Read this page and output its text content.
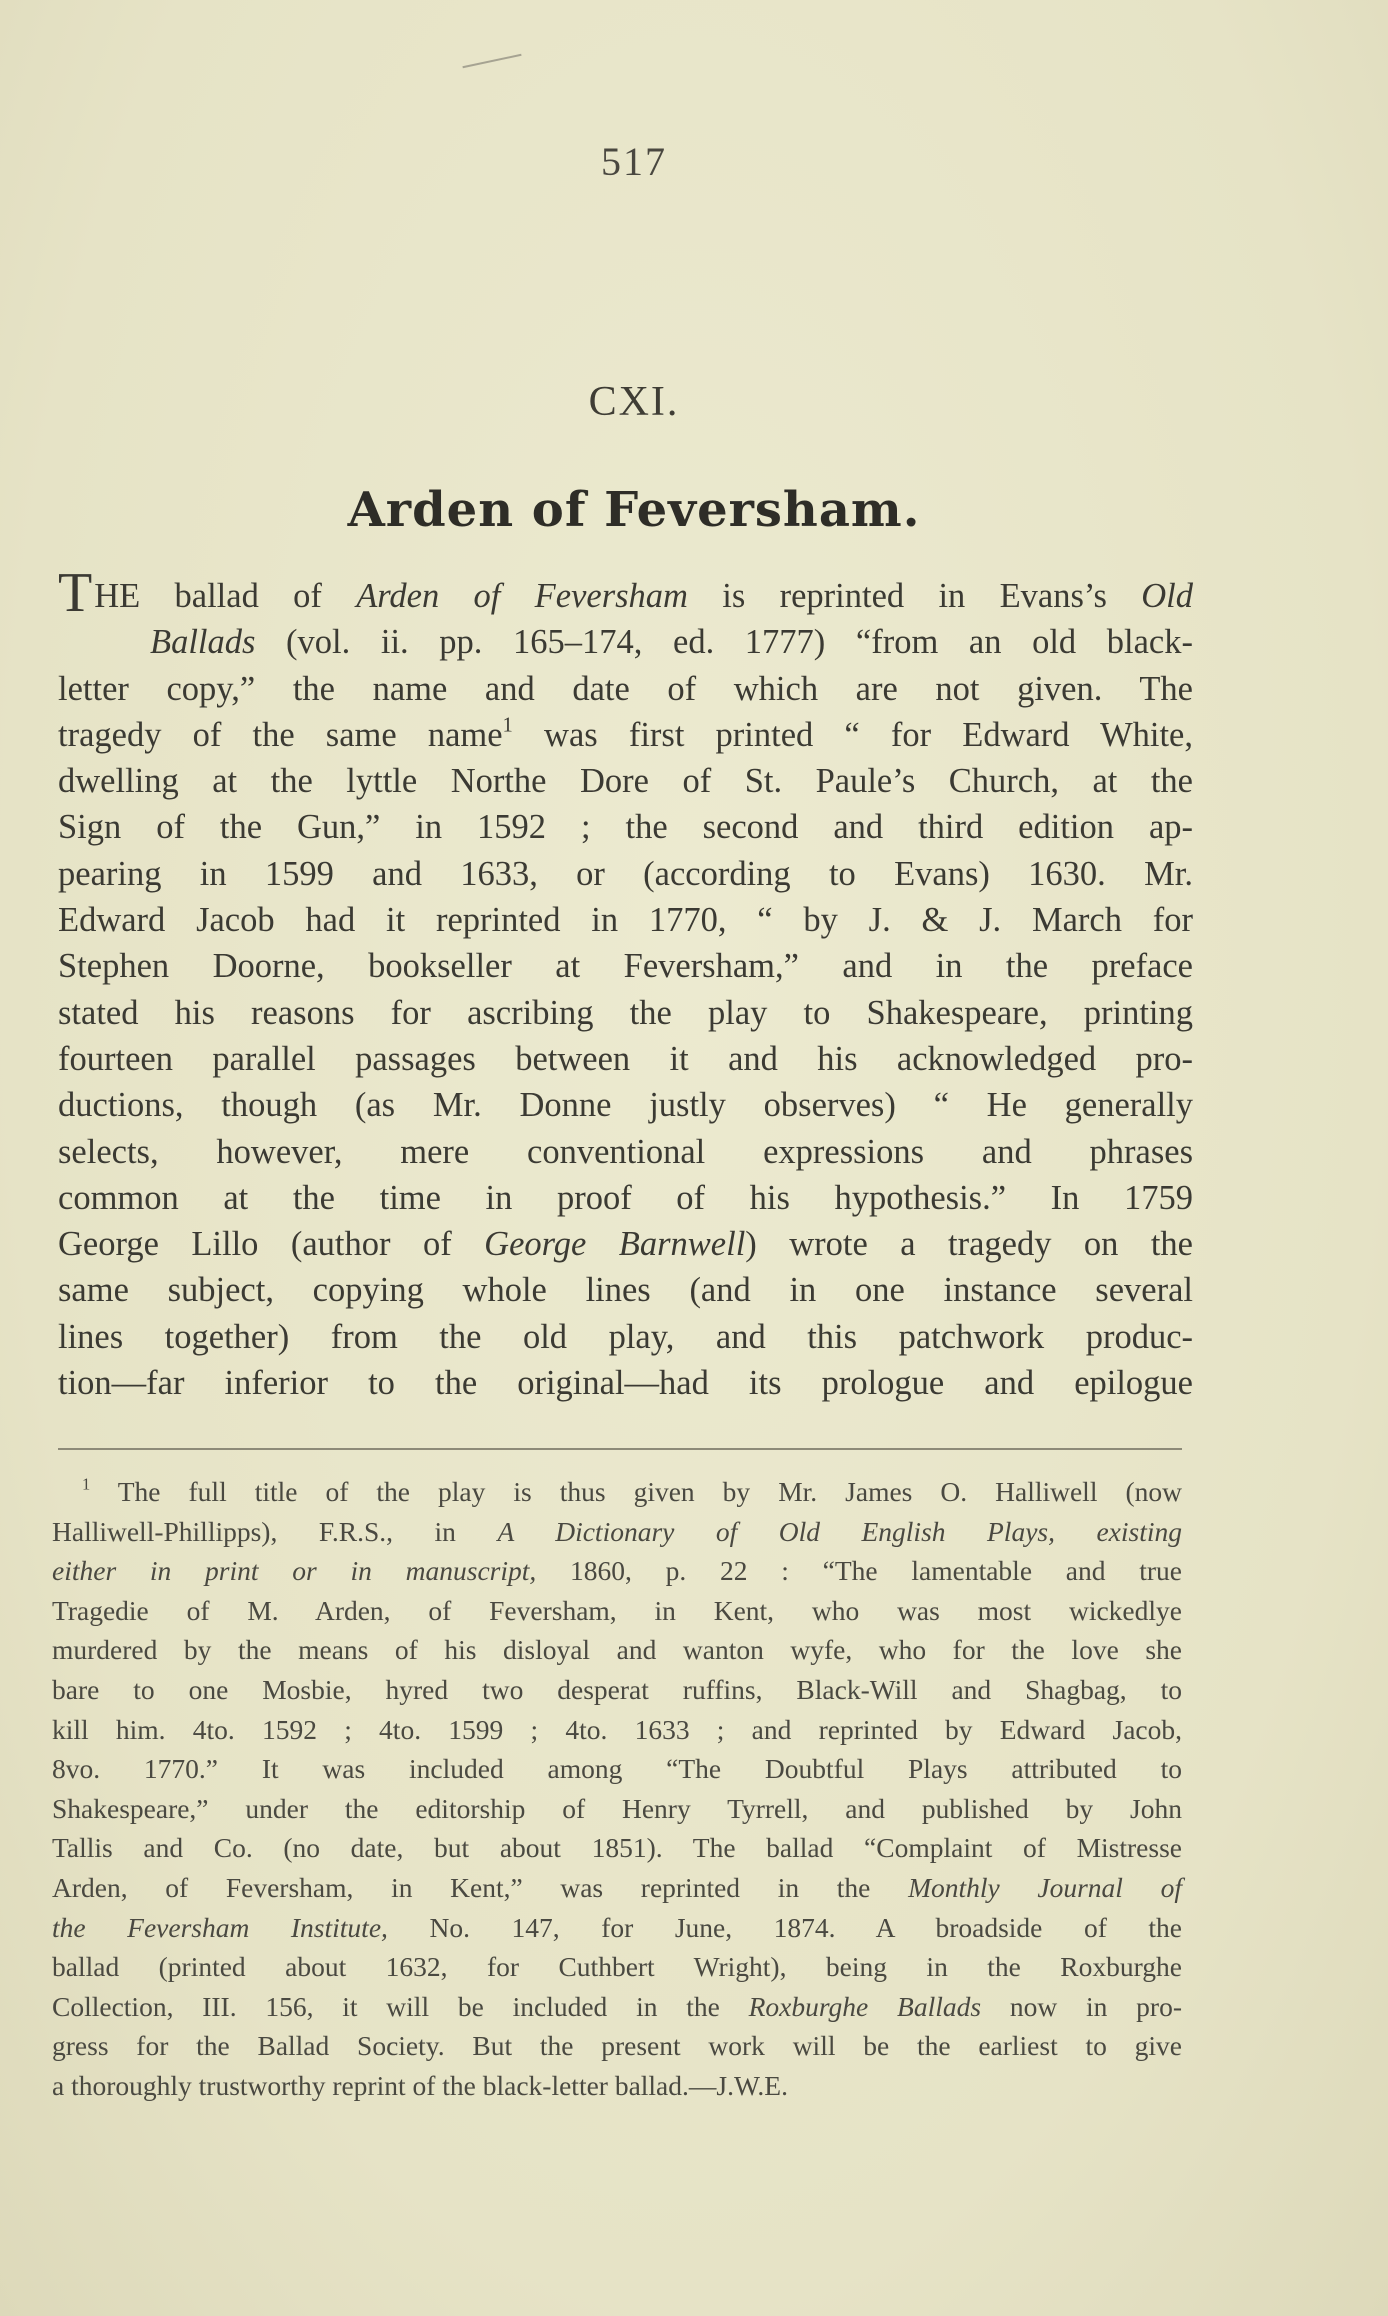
517
CXI.
Arden of Feversham.
THE ballad of Arden of Feversham is reprinted in Evans’s Old
Ballads (vol. ii. pp. 165–174, ed. 1777) “from an old black-
letter copy,” the name and date of which are not given. The
tragedy of the same name$^1$ was first printed “ for Edward White,
dwelling at the lyttle Northe Dore of St. Paule’s Church, at the
Sign of the Gun,” in 1592 ; the second and third edition ap-
pearing in 1599 and 1633, or (according to Evans) 1630. Mr.
Edward Jacob had it reprinted in 1770, “ by J. & J. March for
Stephen Doorne, bookseller at Feversham,” and in the preface
stated his reasons for ascribing the play to Shakespeare, printing
fourteen parallel passages between it and his acknowledged pro-
ductions, though (as Mr. Donne justly observes) “ He generally
selects, however, mere conventional expressions and phrases
common at the time in proof of his hypothesis.” In 1759
George Lillo (author of George Barnwell) wrote a tragedy on the
same subject, copying whole lines (and in one instance several
lines together) from the old play, and this patchwork produc-
tion—far inferior to the original—had its prologue and epilogue
$^1$ The full title of the play is thus given by Mr. James O. Halliwell (now
Halliwell-Phillipps), F.R.S., in A Dictionary of Old English Plays, existing
either in print or in manuscript, 1860, p. 22 : “The lamentable and true
Tragedie of M. Arden, of Feversham, in Kent, who was most wickedlye
murdered by the means of his disloyal and wanton wyfe, who for the love she
bare to one Mosbie, hyred two desperat ruffins, Black-Will and Shagbag, to
kill him. 4to. 1592 ; 4to. 1599 ; 4to. 1633 ; and reprinted by Edward Jacob,
8vo. 1770.” It was included among “The Doubtful Plays attributed to
Shakespeare,” under the editorship of Henry Tyrrell, and published by John
Tallis and Co. (no date, but about 1851). The ballad “Complaint of Mistresse
Arden, of Feversham, in Kent,” was reprinted in the Monthly Journal of
the Feversham Institute, No. 147, for June, 1874. A broadside of the
ballad (printed about 1632, for Cuthbert Wright), being in the Roxburghe
Collection, III. 156, it will be included in the Roxburghe Ballads now in pro-
gress for the Ballad Society. But the present work will be the earliest to give
a thoroughly trustworthy reprint of the black-letter ballad.—J.W.E.
